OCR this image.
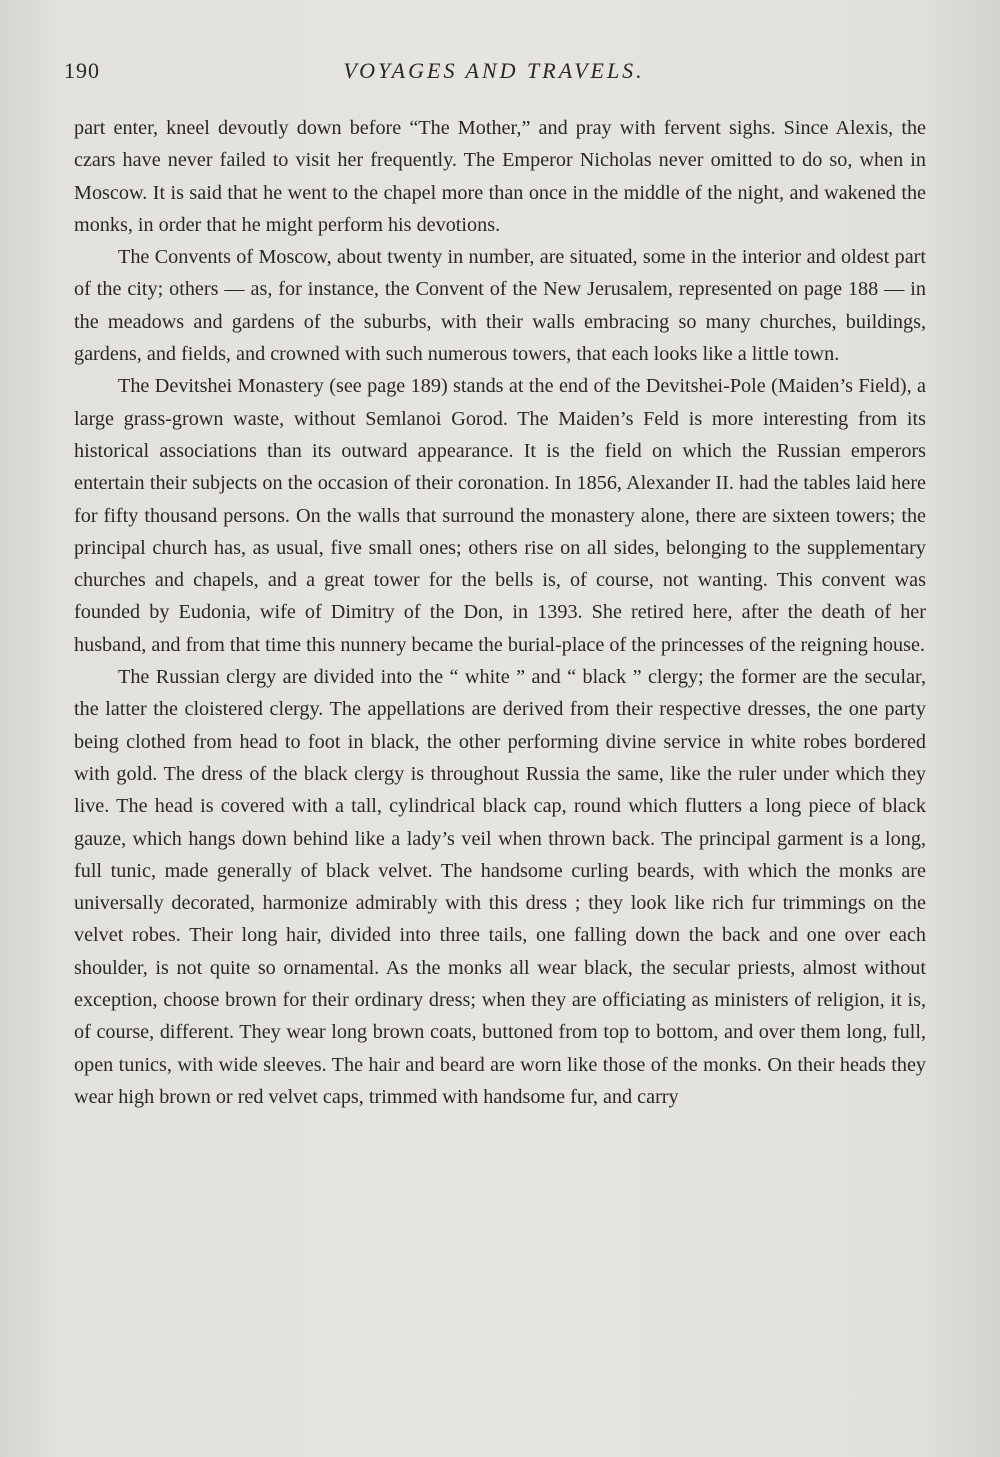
190	VOYAGES AND TRAVELS.

part enter, kneel devoutly down before “The Mother,” and pray with fervent sighs. Since Alexis, the czars have never failed to visit her frequently. The Emperor Nicholas never omitted to do so, when in Moscow. It is said that he went to the chapel more than once in the middle of the night, and wakened the monks, in order that he might perform his devotions.

The Convents of Moscow, about twenty in number, are situated, some in the interior and oldest part of the city; others — as, for instance, the Convent of the New Jerusalem, represented on page 188 — in the meadows and gardens of the suburbs, with their walls embracing so many churches, buildings, gardens, and fields, and crowned with such numerous towers, that each looks like a little town.

The Devitshei Monastery (see page 189) stands at the end of the Devitshei-Pole (Maiden’s Field), a large grass-grown waste, without Semlanoi Gorod. The Maiden’s Feld is more interesting from its historical associations than its outward appearance. It is the field on which the Russian emperors entertain their subjects on the occasion of their coronation. In 1856, Alexander II. had the tables laid here for fifty thousand persons. On the walls that surround the monastery alone, there are sixteen towers; the principal church has, as usual, five small ones; others rise on all sides, belonging to the supplementary churches and chapels, and a great tower for the bells is, of course, not wanting. This convent was founded by Eudonia, wife of Dimitry of the Don, in 1393. She retired here, after the death of her husband, and from that time this nunnery became the burial-place of the princesses of the reigning house.

The Russian clergy are divided into the “ white ” and “ black ” clergy; the former are the secular, the latter the cloistered clergy. The appellations are derived from their respective dresses, the one party being clothed from head to foot in black, the other performing divine service in white robes bordered with gold. The dress of the black clergy is throughout Russia the same, like the ruler under which they live. The head is covered with a tall, cylindrical black cap, round which flutters a long piece of black gauze, which hangs down behind like a lady’s veil when thrown back. The principal garment is a long, full tunic, made generally of black velvet. The handsome curling beards, with which the monks are universally decorated, harmonize admirably with this dress ; they look like rich fur trimmings on the velvet robes. Their long hair, divided into three tails, one falling down the back and one over each shoulder, is not quite so ornamental. As the monks all wear black, the secular priests, almost without exception, choose brown for their ordinary dress; when they are officiating as ministers of religion, it is, of course, different. They wear long brown coats, buttoned from top to bottom, and over them long, full, open tunics, with wide sleeves. The hair and beard are worn like those of the monks. On their heads they wear high brown or red velvet caps, trimmed with handsome fur, and carry
